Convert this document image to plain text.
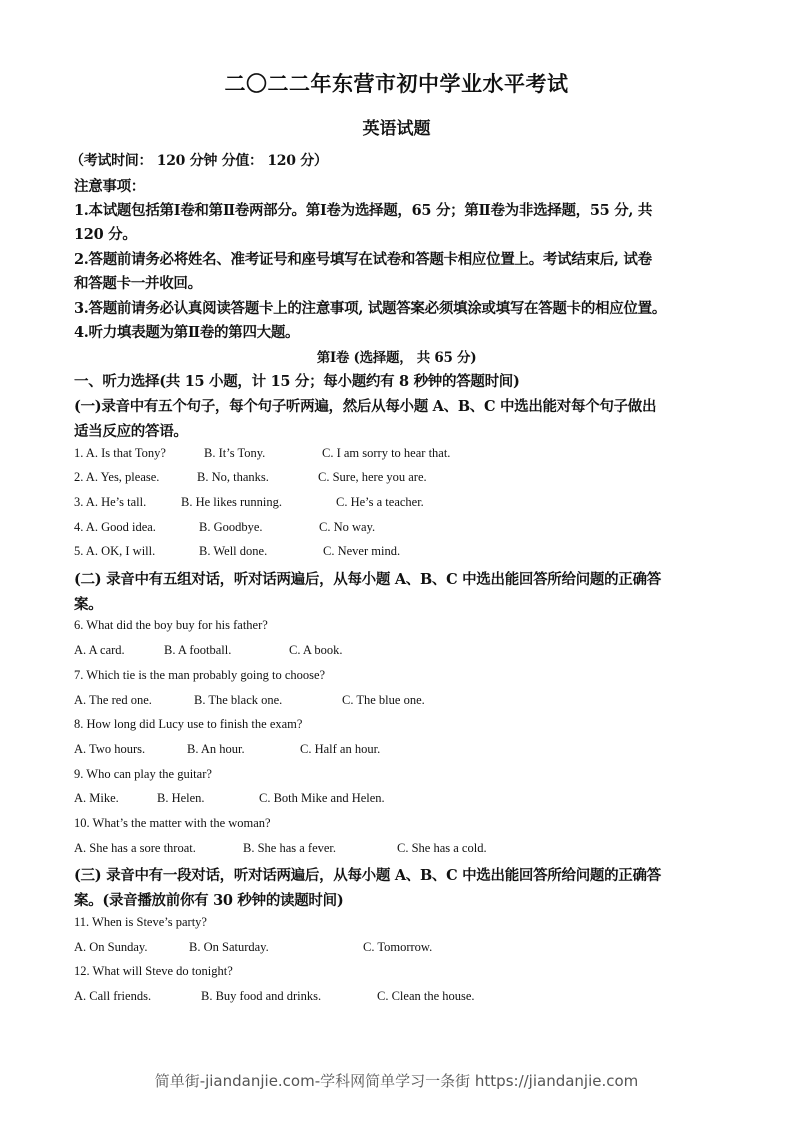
二〇二二年东营市初中学业水平考试
英语试题
（考试时间： 120 分钟 分值： 120 分）
注意事项：
1.本试题包括第Ⅰ卷和第Ⅱ卷两部分。第Ⅰ卷为选择题，65 分；第Ⅱ卷为非选择题，55 分, 共
120 分。
2.答题前请务必将姓名、准考证号和座号填写在试卷和答题卡相应位置上。考试结束后, 试卷
和答题卡一并收回。
3.答题前请务必认真阅读答题卡上的注意事项, 试题答案必须填涂或填写在答题卡的相应位置。
4.听力填表题为第Ⅱ卷的第四大题。
第Ⅰ卷 (选择题， 共 65 分)
一、听力选择(共 15 小题，计 15 分；每小题约有 8 秒钟的答题时间)
(一)录音中有五个句子，每个句子听两遍，然后从每小题 A、B、C 中选出能对每个句子做出
适当反应的答语。
1. A. Is that Tony?	B. It’s Tony.	C. I am sorry to hear that.
2. A. Yes, please.	B. No, thanks.	C. Sure, here you are.
3. A. He’s tall.	B. He likes running.	C. He’s a teacher.
4. A. Good idea.	B. Goodbye.	C. No way.
5. A. OK, I will.	B. Well done.	C. Never mind.
(二) 录音中有五组对话，听对话两遍后，从每小题 A、B、C 中选出能回答所给问题的正确答
案。
6. What did the boy buy for his father?
A. A card.	B. A football.	C. A book.
7. Which tie is the man probably going to choose?
A. The red one.	B. The black one.	C. The blue one.
8. How long did Lucy use to finish the exam?
A. Two hours.	B. An hour.	C. Half an hour.
9. Who can play the guitar?
A. Mike.	B. Helen.	C. Both Mike and Helen.
10. What’s the matter with the woman?
A. She has a sore throat.	B. She has a fever.	C. She has a cold.
(三) 录音中有一段对话，听对话两遍后，从每小题 A、B、C 中选出能回答所给问题的正确答
案。(录音播放前你有 30 秒钟的读题时间)
11. When is Steve’s party?
A. On Sunday.	B. On Saturday.	C. Tomorrow.
12. What will Steve do tonight?
A. Call friends.	B. Buy food and drinks.	C. Clean the house.
简单街-jiandanjie.com-学科网简单学习一条街 https://jiandanjie.com
